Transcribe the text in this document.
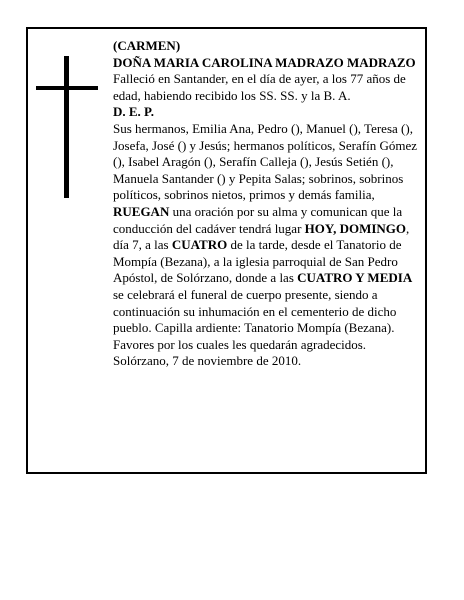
(CARMEN)

DOÑA MARIA CAROLINA MADRAZO MADRAZO

Falleció en Santander, en el día de ayer, a los 77 años de edad, habiendo recibido los SS. SS. y la B. A.

D. E. P.

Sus hermanos, Emilia Ana, Pedro (), Manuel (), Teresa (), Josefa, José () y Jesús; hermanos políticos, Serafín Gómez (), Isabel Aragón (), Serafín Calleja (), Jesús Setién (), Manuela Santander () y Pepita Salas; sobrinos, sobrinos políticos, sobrinos nietos, primos y demás familia,

RUEGAN una oración por su alma y comunican que la conducción del cadáver tendrá lugar HOY, DOMINGO, día 7, a las CUATRO de la tarde, desde el Tanatorio de Mompía (Bezana), a la iglesia parroquial de San Pedro Apóstol, de Solórzano, donde a las CUATRO Y MEDIA se celebrará el funeral de cuerpo presente, siendo a continuación su inhumación en el cementerio de dicho pueblo. Capilla ardiente: Tanatorio Mompía (Bezana). Favores por los cuales les quedarán agradecidos.

Solórzano, 7 de noviembre de 2010.
